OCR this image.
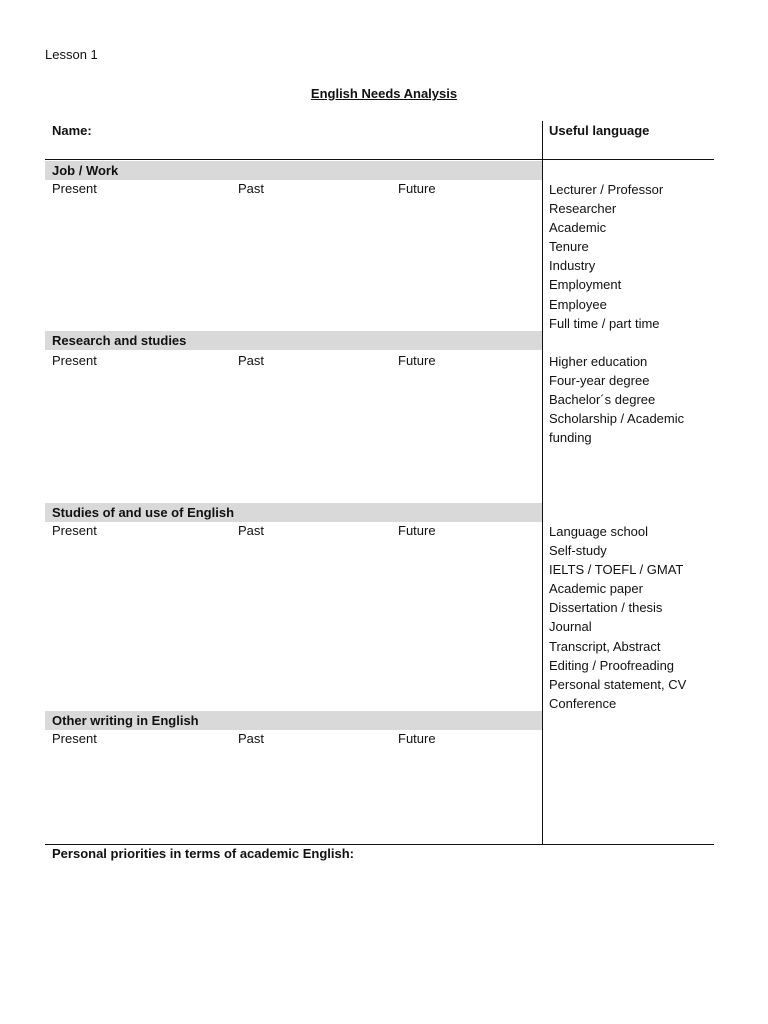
Lesson 1
English Needs Analysis
Name:	Useful language
Job / Work
Present	Past	Future	Lecturer / Professor
Researcher
Academic
Tenure
Industry
Employment
Employee
Full time / part time
Research and studies
Present	Past	Future	Higher education
Four-year degree
Bachelor´s degree
Scholarship / Academic
funding
Studies of and use of English
Present	Past	Future	Language school
Self-study
IELTS / TOEFL / GMAT
Academic paper
Dissertation / thesis
Journal
Transcript, Abstract
Editing / Proofreading
Personal statement, CV
Conference
Other writing in English
Present	Past	Future
Personal priorities in terms of academic English:
